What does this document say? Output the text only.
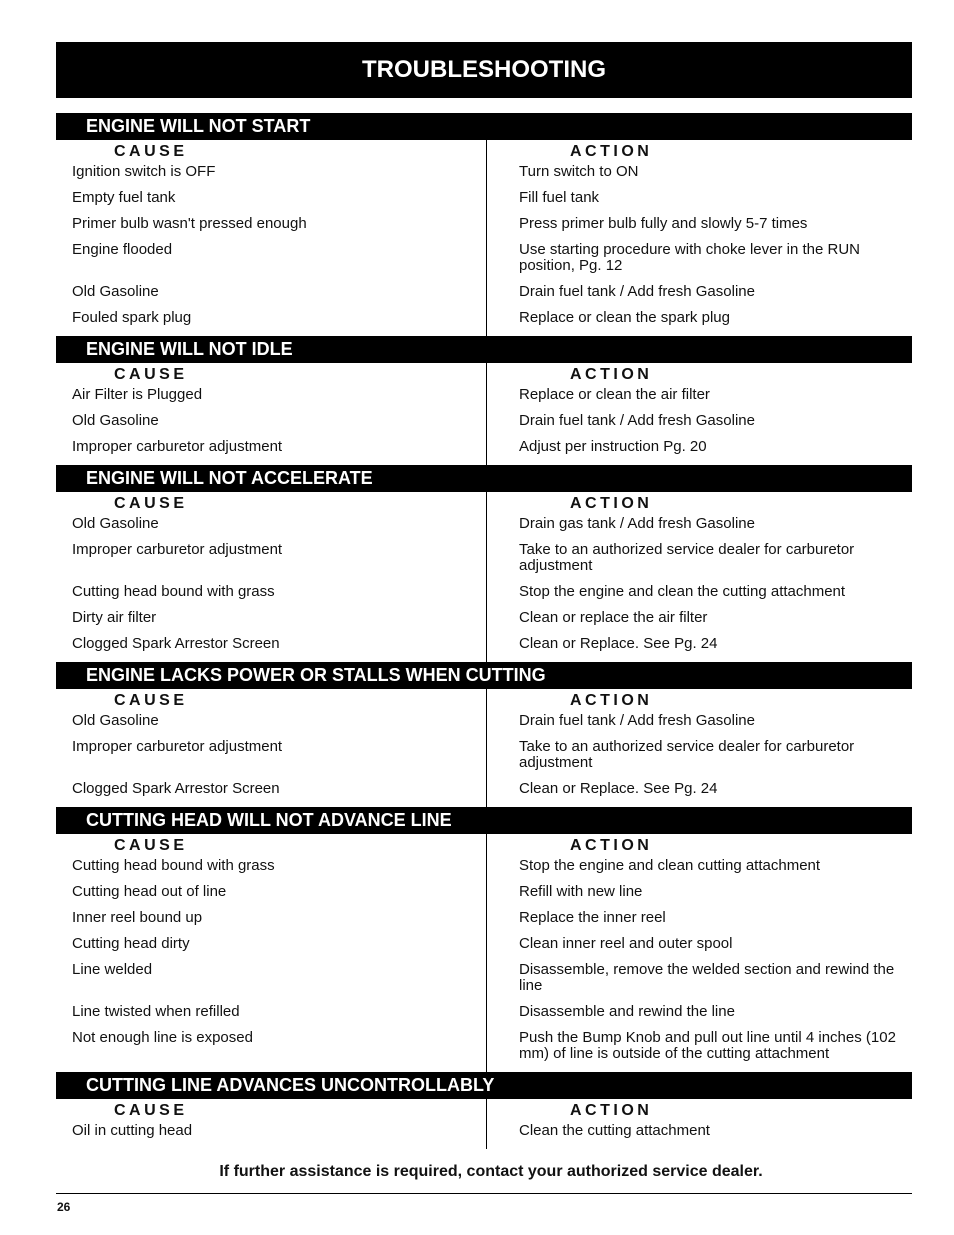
TROUBLESHOOTING
ENGINE WILL NOT START
CAUSE	ACTION
Ignition switch is OFF	Turn switch to ON
Empty fuel tank	Fill fuel tank
Primer bulb wasn't pressed enough	Press primer bulb fully and slowly 5-7 times
Engine flooded	Use starting procedure with choke lever in the RUN position, Pg. 12
Old Gasoline	Drain fuel tank / Add fresh Gasoline
Fouled spark plug	Replace or clean the spark plug
ENGINE WILL NOT IDLE
CAUSE	ACTION
Air Filter is Plugged	Replace or clean the air filter
Old Gasoline	Drain fuel tank / Add fresh Gasoline
Improper carburetor adjustment	Adjust per instruction Pg. 20
ENGINE WILL NOT ACCELERATE
CAUSE	ACTION
Old Gasoline	Drain gas tank / Add fresh Gasoline
Improper carburetor adjustment	Take to an authorized service dealer for carburetor adjustment
Cutting head bound with grass	Stop the engine and clean the cutting attachment
Dirty air filter	Clean or replace the air filter
Clogged Spark Arrestor Screen	Clean or Replace. See Pg. 24
ENGINE LACKS POWER OR STALLS WHEN CUTTING
CAUSE	ACTION
Old Gasoline	Drain fuel tank / Add fresh Gasoline
Improper carburetor adjustment	Take to an authorized service dealer for carburetor adjustment
Clogged Spark Arrestor Screen	Clean or Replace. See Pg. 24
CUTTING HEAD WILL NOT ADVANCE LINE
CAUSE	ACTION
Cutting head bound with grass	Stop the engine and clean cutting attachment
Cutting head out of line	Refill with new line
Inner reel bound up	Replace the inner reel
Cutting head dirty	Clean inner reel and outer spool
Line welded	Disassemble, remove the welded section and rewind the line
Line twisted when refilled	Disassemble and rewind the line
Not enough line is exposed	Push the Bump Knob and pull out line until 4 inches (102 mm) of line is outside of the cutting attachment
CUTTING LINE ADVANCES UNCONTROLLABLY
CAUSE	ACTION
Oil in cutting head	Clean the cutting attachment
If further assistance is required, contact your authorized service dealer.
26
